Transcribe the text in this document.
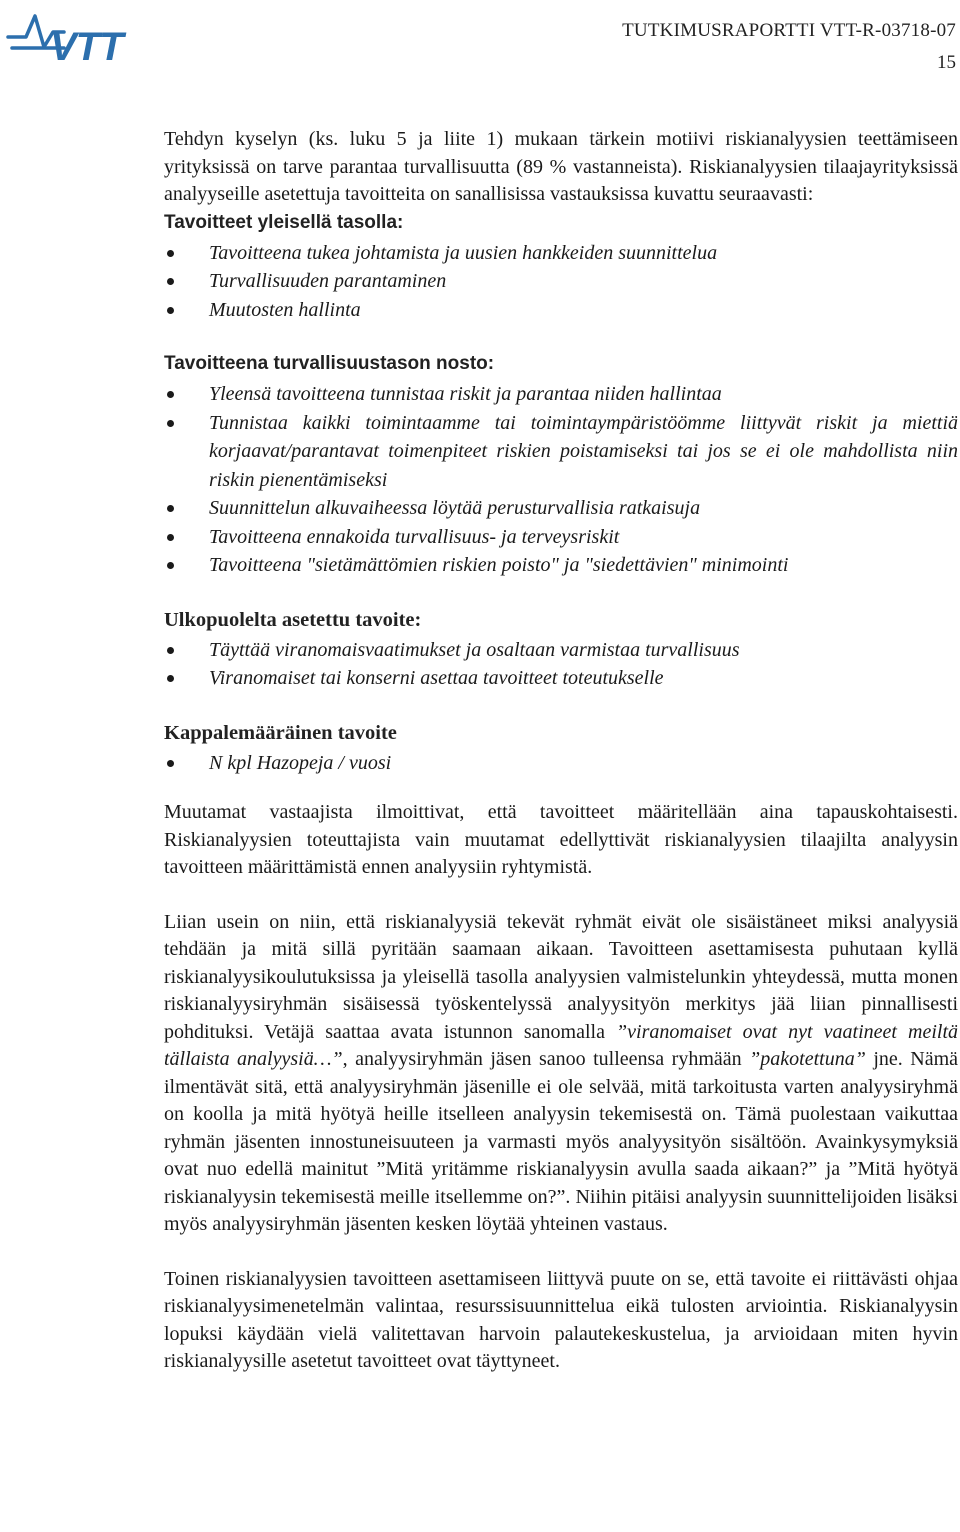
VTT	TUTKIMUSRAPORTTI VTT-R-03718-07
15

Tehdyn kyselyn (ks. luku 5 ja liite 1) mukaan tärkein motiivi riskianalyysien teettämiseen yrityksissä on tarve parantaa turvallisuutta (89 % vastanneista). Riskianalyysien tilaajayrityksissä analyyseille asetettuja tavoitteita on sanallisissa vastauksissa kuvattu seuraavasti:

Tavoitteet yleisellä tasolla:
Tavoitteena tukea johtamista ja uusien hankkeiden suunnittelua
Turvallisuuden parantaminen
Muutosten hallinta
Tavoitteena turvallisuustason nosto:
Yleensä tavoitteena tunnistaa riskit ja parantaa niiden hallintaa
Tunnistaa kaikki toimintaamme tai toimintaympäristöömme liittyvät riskit ja miettiä korjaavat/parantavat toimenpiteet riskien poistamiseksi tai jos se ei ole mahdollista niin riskin pienentämiseksi
Suunnittelun alkuvaiheessa löytää perusturvallisia ratkaisuja
Tavoitteena ennakoida turvallisuus- ja terveysriskit
Tavoitteena "sietämättömien riskien poisto" ja "siedettävien" minimointi
Ulkopuolelta asetettu tavoite:
Täyttää viranomaisvaatimukset ja osaltaan varmistaa turvallisuus
Viranomaiset tai konserni asettaa tavoitteet toteutukselle
Kappalemääräinen tavoite
N kpl Hazopeja / vuosi

Muutamat vastaajista ilmoittivat, että tavoitteet määritellään aina tapauskohtaisesti. Riskianalyysien toteuttajista vain muutamat edellyttivät riskianalyysien tilaajilta analyysin tavoitteen määrittämistä ennen analyysiin ryhtymistä.

Liian usein on niin, että riskianalyysiä tekevät ryhmät eivät ole sisäistäneet miksi analyysiä tehdään ja mitä sillä pyritään saamaan aikaan. Tavoitteen asettamisesta puhutaan kyllä riskianalyysikoulutuksissa ja yleisellä tasolla analyysien valmistelunkin yhteydessä, mutta monen riskianalyysiryhmän sisäisessä työskentelyssä analyysityön merkitys jää liian pinnallisesti pohdituksi. Vetäjä saattaa avata istunnon sanomalla ”viranomaiset ovat nyt vaatineet meiltä tällaista analyysiä…”, analyysiryhmän jäsen sanoo tulleensa ryhmään ”pakotettuna” jne. Nämä ilmentävät sitä, että analyysiryhmän jäsenille ei ole selvää, mitä tarkoitusta varten analyysiryhmä on koolla ja mitä hyötyä heille itselleen analyysin tekemisestä on. Tämä puolestaan vaikuttaa ryhmän jäsenten innostuneisuuteen ja varmasti myös analyysityön sisältöön. Avainkysymyksiä ovat nuo edellä mainitut ”Mitä yritämme riskianalyysin avulla saada aikaan?” ja ”Mitä hyötyä riskianalyysin tekemisestä meille itsellemme on?”. Niihin pitäisi analyysin suunnittelijoiden lisäksi myös analyysiryhmän jäsenten kesken löytää yhteinen vastaus.

Toinen riskianalyysien tavoitteen asettamiseen liittyvä puute on se, että tavoite ei riittävästi ohjaa riskianalyysimenetelmän valintaa, resurssisuunnittelua eikä tulosten arviointia. Riskianalyysin lopuksi käydään vielä valitettavan harvoin palautekeskustelua, ja arvioidaan miten hyvin riskianalyysille asetetut tavoitteet ovat täyttyneet.
